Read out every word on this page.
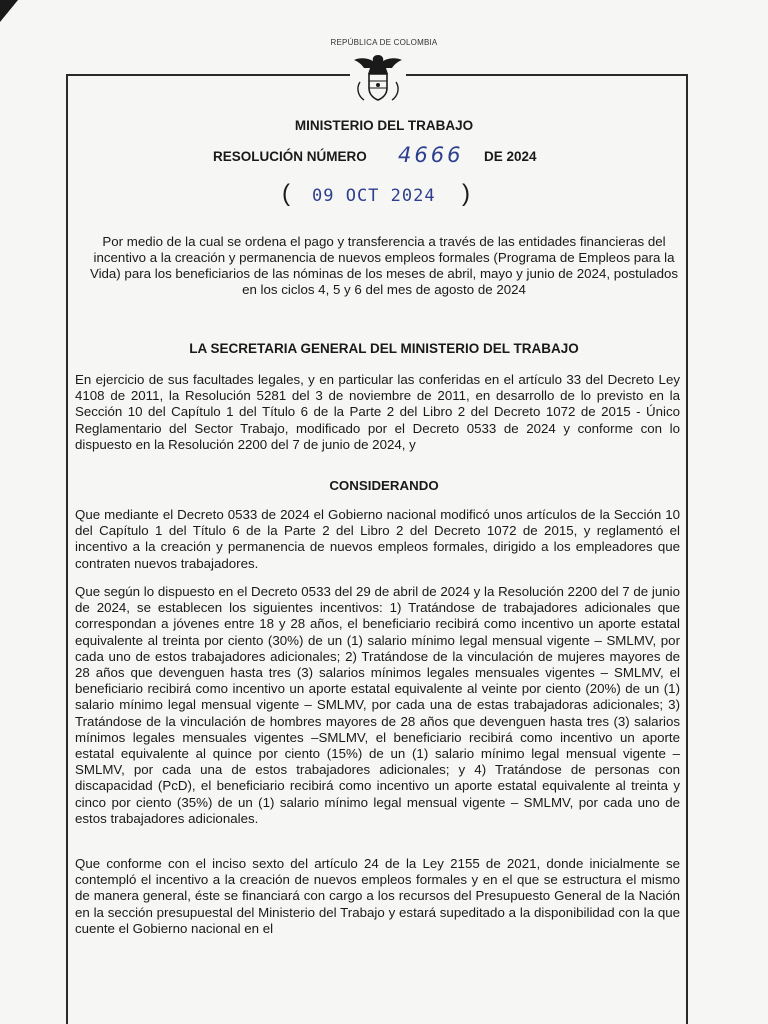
REPÚBLICA DE COLOMBIA
MINISTERIO DEL TRABAJO
RESOLUCIÓN NÚMERO 4666 DE 2024
( 09 OCT 2024 )
Por medio de la cual se ordena el pago y transferencia a través de las entidades financieras del incentivo a la creación y permanencia de nuevos empleos formales (Programa de Empleos para la Vida) para los beneficiarios de las nóminas de los meses de abril, mayo y junio de 2024, postulados en los ciclos 4, 5 y 6 del mes de agosto de 2024
LA SECRETARIA GENERAL DEL MINISTERIO DEL TRABAJO
En ejercicio de sus facultades legales, y en particular las conferidas en el artículo 33 del Decreto Ley 4108 de 2011, la Resolución 5281 del 3 de noviembre de 2011, en desarrollo de lo previsto en la Sección 10 del Capítulo 1 del Título 6 de la Parte 2 del Libro 2 del Decreto 1072 de 2015 - Único Reglamentario del Sector Trabajo, modificado por el Decreto 0533 de 2024 y conforme con lo dispuesto en la Resolución 2200 del 7 de junio de 2024, y
CONSIDERANDO
Que mediante el Decreto 0533 de 2024 el Gobierno nacional modificó unos artículos de la Sección 10 del Capítulo 1 del Título 6 de la Parte 2 del Libro 2 del Decreto 1072 de 2015, y reglamentó el incentivo a la creación y permanencia de nuevos empleos formales, dirigido a los empleadores que contraten nuevos trabajadores.
Que según lo dispuesto en el Decreto 0533 del 29 de abril de 2024 y la Resolución 2200 del 7 de junio de 2024, se establecen los siguientes incentivos: 1) Tratándose de trabajadores adicionales que correspondan a jóvenes entre 18 y 28 años, el beneficiario recibirá como incentivo un aporte estatal equivalente al treinta por ciento (30%) de un (1) salario mínimo legal mensual vigente – SMLMV, por cada uno de estos trabajadores adicionales; 2) Tratándose de la vinculación de mujeres mayores de 28 años que devenguen hasta tres (3) salarios mínimos legales mensuales vigentes – SMLMV, el beneficiario recibirá como incentivo un aporte estatal equivalente al veinte por ciento (20%) de un (1) salario mínimo legal mensual vigente – SMLMV, por cada una de estas trabajadoras adicionales; 3) Tratándose de la vinculación de hombres mayores de 28 años que devenguen hasta tres (3) salarios mínimos legales mensuales vigentes –SMLMV, el beneficiario recibirá como incentivo un aporte estatal equivalente al quince por ciento (15%) de un (1) salario mínimo legal mensual vigente – SMLMV, por cada una de estos trabajadores adicionales; y 4) Tratándose de personas con discapacidad (PcD), el beneficiario recibirá como incentivo un aporte estatal equivalente al treinta y cinco por ciento (35%) de un (1) salario mínimo legal mensual vigente – SMLMV, por cada uno de estos trabajadores adicionales.
Que conforme con el inciso sexto del artículo 24 de la Ley 2155 de 2021, donde inicialmente se contempló el incentivo a la creación de nuevos empleos formales y en el que se estructura el mismo de manera general, éste se financiará con cargo a los recursos del Presupuesto General de la Nación en la sección presupuestal del Ministerio del Trabajo y estará supeditado a la disponibilidad con la que cuente el Gobierno nacional en el
